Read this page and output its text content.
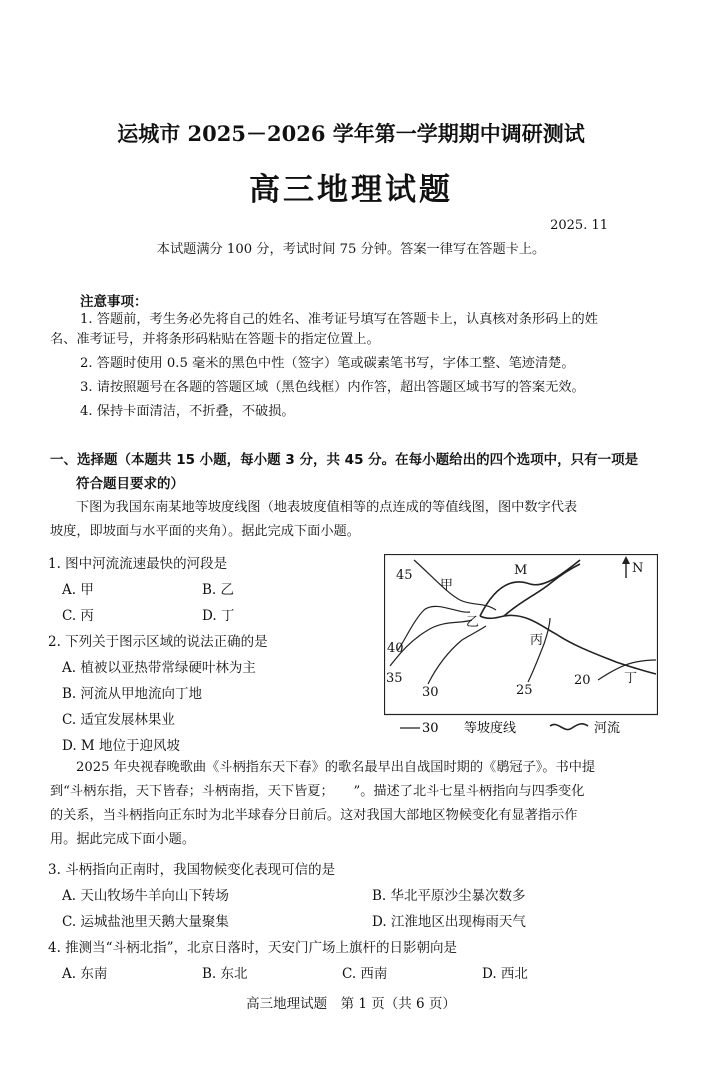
运城市 2025－2026 学年第一学期期中调研测试
高三地理试题
2025. 11
本试题满分 100 分，考试时间 75 分钟。答案一律写在答题卡上。
注意事项：
1. 答题前，考生务必先将自己的姓名、准考证号填写在答题卡上，认真核对条形码上的姓
名、准考证号，并将条形码粘贴在答题卡的指定位置上。
2. 答题时使用 0.5 毫米的黑色中性（签字）笔或碳素笔书写，字体工整、笔迹清楚。
3. 请按照题号在各题的答题区域（黑色线框）内作答，超出答题区域书写的答案无效。
4. 保持卡面清洁，不折叠，不破损。
一、选择题（本题共 15 小题，每小题 3 分，共 45 分。在每小题给出的四个选项中，只有一项是
符合题目要求的）
下图为我国东南某地等坡度线图（地表坡度值相等的点连成的等值线图，图中数字代表
坡度，即坡面与水平面的夹角）。据此完成下面小题。
1. 图中河流流速最快的河段是
A. 甲	B. 乙
C. 丙	D. 丁
2. 下列关于图示区域的说法正确的是
A. 植被以亚热带常绿硬叶林为主
B. 河流从甲地流向丁地
C. 适宜发展林果业
D. M 地位于迎风坡
45
甲
M	N
乙
丙
40
35
30	25
20	丁
30 等坡度线	河流
2025 年央视春晚歌曲《斗柄指东天下春》的歌名最早出自战国时期的《鹖冠子》。书中提
到“斗柄东指，天下皆春；斗柄南指，天下皆夏；　　”。描述了北斗七星斗柄指向与四季变化
的关系，当斗柄指向正东时为北半球春分日前后。这对我国大部地区物候变化有显著指示作
用。据此完成下面小题。
3. 斗柄指向正南时，我国物候变化表现可信的是
A. 天山牧场牛羊向山下转场	B. 华北平原沙尘暴次数多
C. 运城盐池里天鹅大量聚集	D. 江淮地区出现梅雨天气
4. 推测当“斗柄北指”，北京日落时，天安门广场上旗杆的日影朝向是
A. 东南	B. 东北	C. 西南	D. 西北
高三地理试题　第 1 页（共 6 页）
